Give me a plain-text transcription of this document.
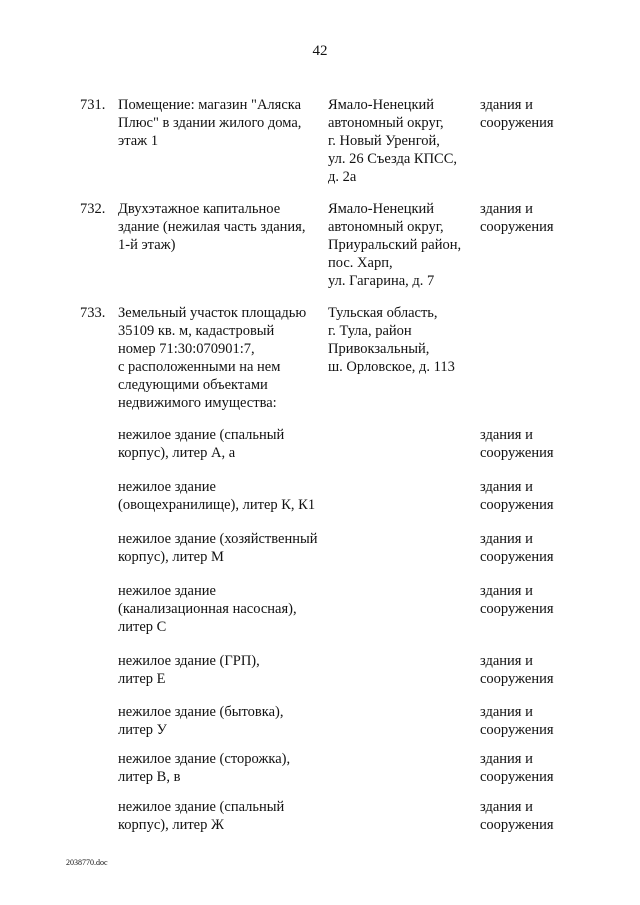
42
731. Помещение: магазин "Аляска
Плюс" в здании жилого дома,
этаж 1
Ямало-Ненецкий
автономный округ,
г. Новый Уренгой,
ул. 26 Съезда КПСС,
д. 2а
здания и
сооружения
732. Двухэтажное капитальное
здание (нежилая часть здания,
1-й этаж)
Ямало-Ненецкий
автономный округ,
Приуральский район,
пос. Харп,
ул. Гагарина, д. 7
здания и
сооружения
733. Земельный участок площадью
35109 кв. м, кадастровый
номер 71:30:070901:7,
с расположенными на нем
следующими объектами
недвижимого имущества:
Тульская область,
г. Тула, район
Привокзальный,
ш. Орловское, д. 113
нежилое здание (спальный
корпус), литер А, а
здания и
сооружения
нежилое здание
(овощехранилище), литер К, К1
здания и
сооружения
нежилое здание (хозяйственный
корпус), литер М
здания и
сооружения
нежилое здание
(канализационная насосная),
литер С
здания и
сооружения
нежилое здание (ГРП),
литер Е
здания и
сооружения
нежилое здание (бытовка),
литер У
здания и
сооружения
нежилое здание (сторожка),
литер В, в
здания и
сооружения
нежилое здание (спальный
корпус), литер Ж
здания и
сооружения
2038770.doc
